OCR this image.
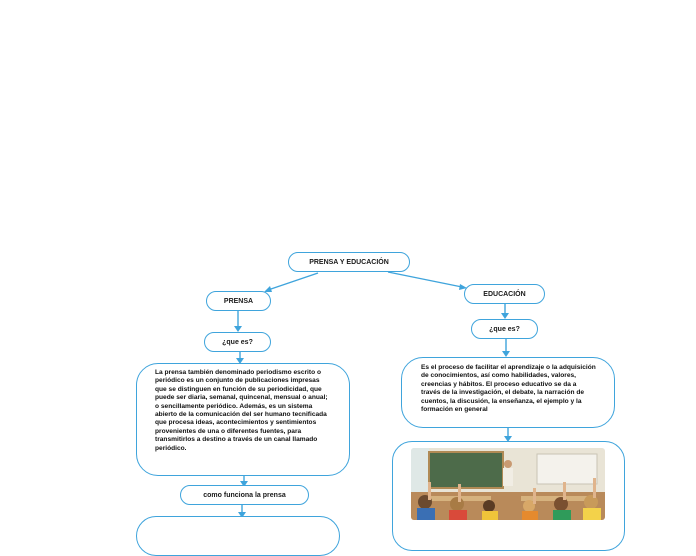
PRENSA Y EDUCACIÓN
PRENSA
¿que es?
La prensa también denominado periodismo escrito o periódico es un conjunto de publicaciones impresas que se distinguen en función de su periodicidad, que puede ser diaria, semanal, quincenal, mensual o anual; o sencillamente periódico. Además, es un sistema abierto de la comunicación del ser humano tecnificada que procesa ideas, acontecimientos y sentimientos provenientes de una o diferentes fuentes, para transmitirlos a destino a través de un canal llamado periódico.
como funciona la prensa
EDUCACIÓN
¿que es?
Es el proceso de facilitar el aprendizaje o la adquisición de conocimientos, así como habilidades, valores, creencias y hábitos. El proceso educativo se da a través de la investigación, el debate, la narración de cuentos, la discusión, la enseñanza, el ejemplo y la formación en general
